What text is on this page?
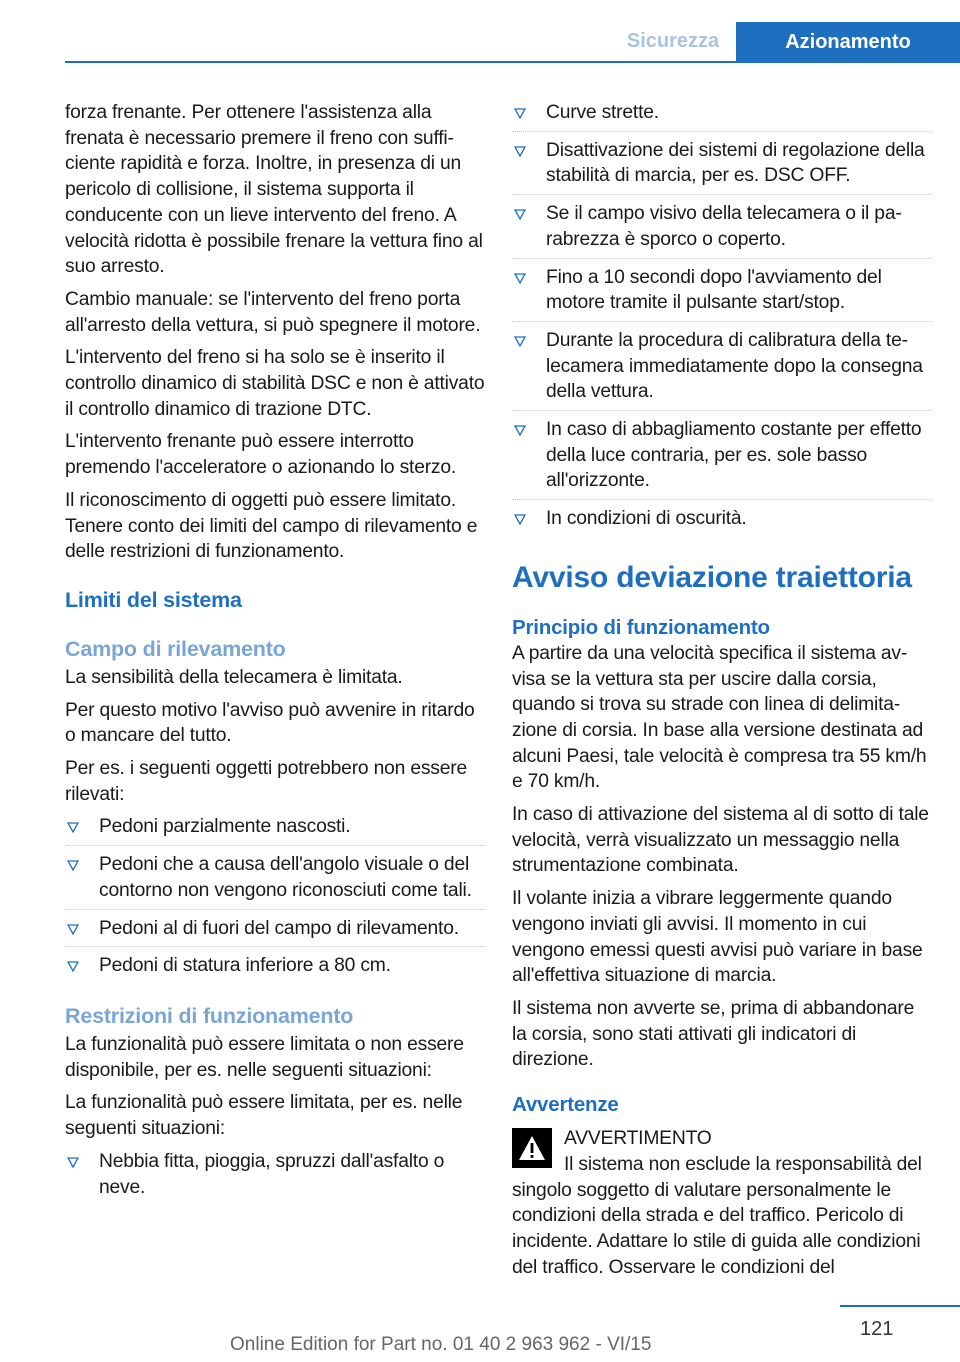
Sicurezza	Azionamento

forza frenante. Per ottenere l'assistenza alla frenata è necessario premere il freno con sufficiente rapidità e forza. Inoltre, in presenza di un pericolo di collisione, il sistema supporta il conducente con un lieve intervento del freno. A velocità ridotta è possibile frenare la vettura fino al suo arresto.

Cambio manuale: se l'intervento del freno porta all'arresto della vettura, si può spegnere il motore.

L'intervento del freno si ha solo se è inserito il controllo dinamico di stabilità DSC e non è attivato il controllo dinamico di trazione DTC.

L'intervento frenante può essere interrotto premendo l'acceleratore o azionando lo sterzo.

Il riconoscimento di oggetti può essere limitato. Tenere conto dei limiti del campo di rilevamento e delle restrizioni di funzionamento.

Limiti del sistema
Campo di rilevamento

La sensibilità della telecamera è limitata.

Per questo motivo l'avviso può avvenire in ritardo o mancare del tutto.

Per es. i seguenti oggetti potrebbero non essere rilevati:

Pedoni parzialmente nascosti.
Pedoni che a causa dell'angolo visuale o del contorno non vengono riconosciuti come tali.
Pedoni al di fuori del campo di rilevamento.
Pedoni di statura inferiore a 80 cm.
Restrizioni di funzionamento

La funzionalità può essere limitata o non essere disponibile, per es. nelle seguenti situazioni:

La funzionalità può essere limitata, per es. nelle seguenti situazioni:

Nebbia fitta, pioggia, spruzzi dall'asfalto o neve.
Curve strette.
Disattivazione dei sistemi di regolazione della stabilità di marcia, per es. DSC OFF.
Se il campo visivo della telecamera o il parabrezza è sporco o coperto.
Fino a 10 secondi dopo l'avviamento del motore tramite il pulsante start/stop.
Durante la procedura di calibratura della telecamera immediatamente dopo la consegna della vettura.
In caso di abbagliamento costante per effetto della luce contraria, per es. sole basso all'orizzonte.
In condizioni di oscurità.
Avviso deviazione traiettoria
Principio di funzionamento

A partire da una velocità specifica il sistema avvisa se la vettura sta per uscire dalla corsia, quando si trova su strade con linea di delimitazione di corsia. In base alla versione destinata ad alcuni Paesi, tale velocità è compresa tra 55 km/h e 70 km/h.

In caso di attivazione del sistema al di sotto di tale velocità, verrà visualizzato un messaggio nella strumentazione combinata.

Il volante inizia a vibrare leggermente quando vengono inviati gli avvisi. Il momento in cui vengono emessi questi avvisi può variare in base all'effettiva situazione di marcia.

Il sistema non avverte se, prima di abbandonare la corsia, sono stati attivati gli indicatori di direzione.

Avvertenze
AVVERTIMENTO
Il sistema non esclude la responsabilità del singolo soggetto di valutare personalmente le condizioni della strada e del traffico. Pericolo di incidente. Adattare lo stile di guida alle condizioni del traffico. Osservare le condizioni del
121
Online Edition for Part no. 01 40 2 963 962 - VI/15
